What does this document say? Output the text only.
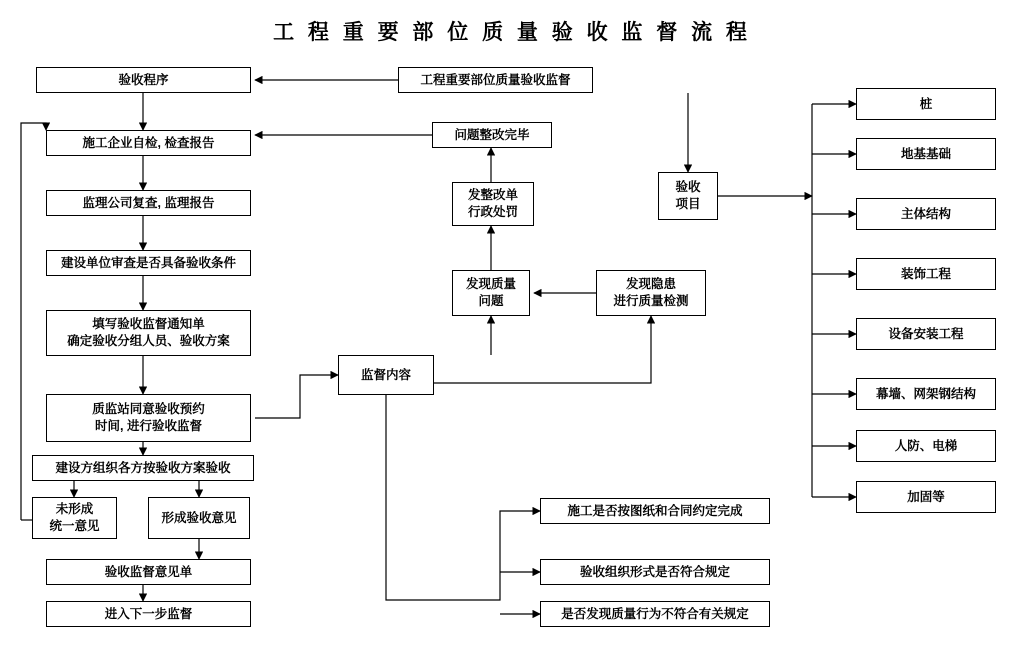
工 程 重 要 部 位 质 量 验 收 监 督 流 程
验收程序	工程重要部位质量验收监督
施工企业自检, 检查报告
问题整改完毕
监理公司复查, 监理报告
发整改单
行政处罚
验收
项目
建设单位审查是否具备验收条件
发现质量
问题
发现隐患
进行质量检测
填写验收监督通知单
确定验收分组人员、验收方案
监督内容
质监站同意验收预约
时间, 进行验收监督
建设方组织各方按验收方案验收
未形成
统一意见
形成验收意见
验收监督意见单
进入下一步监督
施工是否按图纸和合同约定完成
验收组织形式是否符合规定
是否发现质量行为不符合有关规定
桩
地基基础
主体结构
装饰工程
设备安装工程
幕墙、网架钢结构
人防、电梯
加固等
